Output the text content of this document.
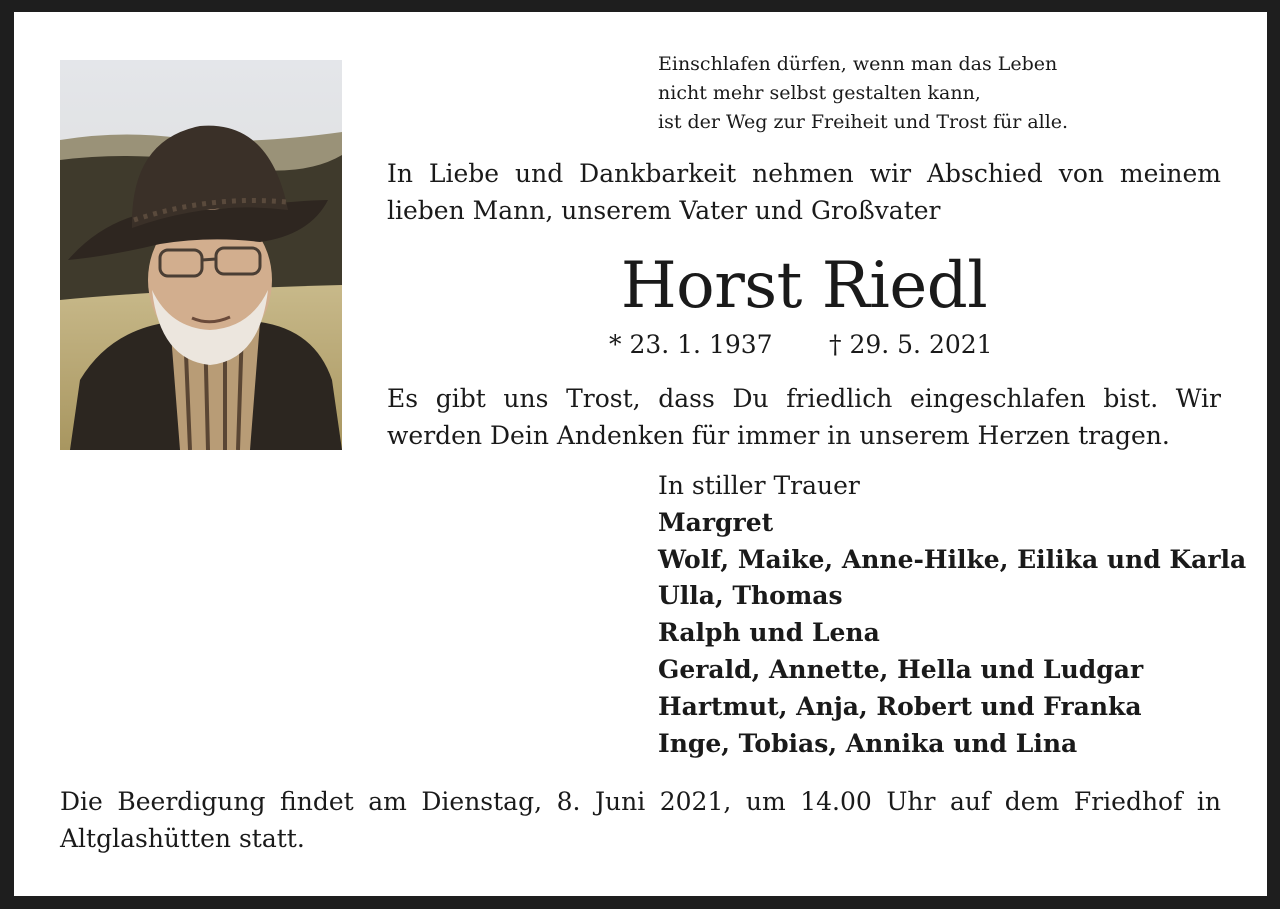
Einschlafen dürfen, wenn man das Leben
nicht mehr selbst gestalten kann,
ist der Weg zur Freiheit und Trost für alle.
In Liebe und Dankbarkeit nehmen wir Abschied von meinem lieben Mann, unserem Vater und Großvater
Horst Riedl
* 23. 1. 1937 † 29. 5. 2021
Es gibt uns Trost, dass Du friedlich eingeschlafen bist. Wir werden Dein Andenken für immer in unserem Herzen tragen.
In stiller Trauer
Margret
Wolf, Maike, Anne-Hilke, Eilika und Karla
Ulla, Thomas
Ralph und Lena
Gerald, Annette, Hella und Ludgar
Hartmut, Anja, Robert und Franka
Inge, Tobias, Annika und Lina
Die Beerdigung findet am Dienstag, 8. Juni 2021, um 14.00 Uhr auf dem Friedhof in Altglashütten statt.
